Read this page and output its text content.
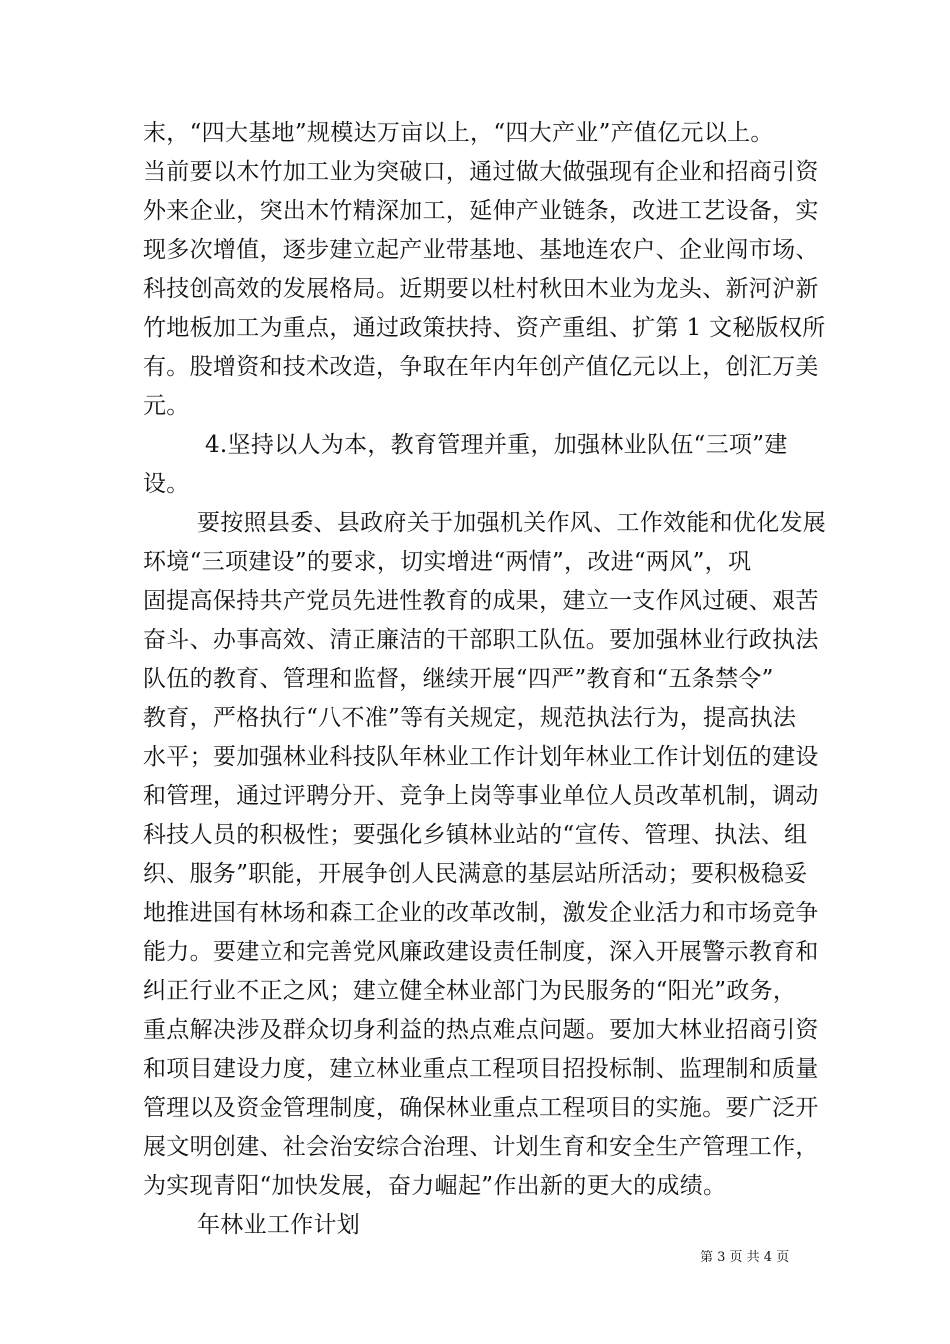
末，“四大基地”规模达万亩以上，“四大产业”产值亿元以上。
当前要以木竹加工业为突破口，通过做大做强现有企业和招商引资
外来企业，突出木竹精深加工，延伸产业链条，改进工艺设备，实
现多次增值，逐步建立起产业带基地、基地连农户、企业闯市场、
科技创高效的发展格局。近期要以杜村秋田木业为龙头、新河沪新
竹地板加工为重点，通过政策扶持、资产重组、扩第 1 文秘版权所
有。股增资和技术改造，争取在年内年创产值亿元以上，创汇万美
元。
4.坚持以人为本，教育管理并重，加强林业队伍“三项”建
设。
要按照县委、县政府关于加强机关作风、工作效能和优化发展
环境“三项建设”的要求，切实增进“两情”，改进“两风”，巩
固提高保持共产党员先进性教育的成果，建立一支作风过硬、艰苦
奋斗、办事高效、清正廉洁的干部职工队伍。要加强林业行政执法
队伍的教育、管理和监督，继续开展“四严”教育和“五条禁令”
教育，严格执行“八不准”等有关规定，规范执法行为，提高执法
水平；要加强林业科技队年林业工作计划年林业工作计划伍的建设
和管理，通过评聘分开、竞争上岗等事业单位人员改革机制，调动
科技人员的积极性；要强化乡镇林业站的“宣传、管理、执法、组
织、服务”职能，开展争创人民满意的基层站所活动；要积极稳妥
地推进国有林场和森工企业的改革改制，激发企业活力和市场竞争
能力。要建立和完善党风廉政建设责任制度，深入开展警示教育和
纠正行业不正之风；建立健全林业部门为民服务的“阳光”政务，
重点解决涉及群众切身利益的热点难点问题。要加大林业招商引资
和项目建设力度，建立林业重点工程项目招投标制、监理制和质量
管理以及资金管理制度，确保林业重点工程项目的实施。要广泛开
展文明创建、社会治安综合治理、计划生育和安全生产管理工作，
为实现青阳“加快发展，奋力崛起”作出新的更大的成绩。
年林业工作计划
第 3 页 共 4 页
